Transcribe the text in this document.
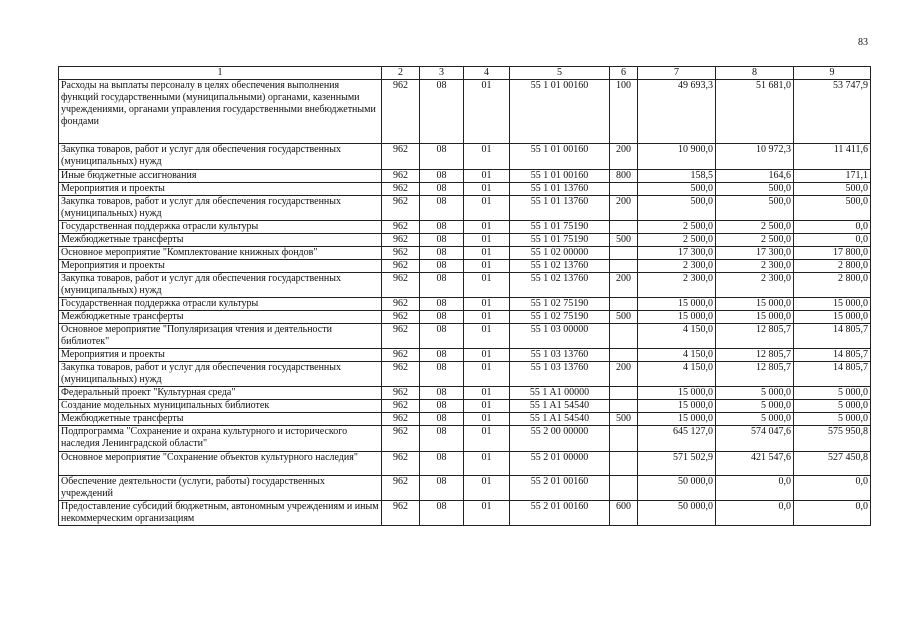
83
1	2	3	4	5	6	7	8	9
Расходы на выплаты персоналу в целях обеспечения выполнения функций государственными (муниципальными) органами, казенными учреждениями, органами управления государственными внебюджетными фондами	962	08	01	55 1 01 00160	100	49 693,3	51 681,0	53 747,9
Закупка товаров, работ и услуг для обеспечения государственных (муниципальных) нужд	962	08	01	55 1 01 00160	200	10 900,0	10 972,3	11 411,6
Иные бюджетные ассигнования	962	08	01	55 1 01 00160	800	158,5	164,6	171,1
Мероприятия и проекты	962	08	01	55 1 01 13760		500,0	500,0	500,0
Закупка товаров, работ и услуг для обеспечения государственных (муниципальных) нужд	962	08	01	55 1 01 13760	200	500,0	500,0	500,0
Государственная поддержка отрасли культуры	962	08	01	55 1 01 75190		2 500,0	2 500,0	0,0
Межбюджетные трансферты	962	08	01	55 1 01 75190	500	2 500,0	2 500,0	0,0
Основное мероприятие "Комплектование книжных фондов"	962	08	01	55 1 02 00000		17 300,0	17 300,0	17 800,0
Мероприятия и проекты	962	08	01	55 1 02 13760		2 300,0	2 300,0	2 800,0
Закупка товаров, работ и услуг для обеспечения государственных (муниципальных) нужд	962	08	01	55 1 02 13760	200	2 300,0	2 300,0	2 800,0
Государственная поддержка отрасли культуры	962	08	01	55 1 02 75190		15 000,0	15 000,0	15 000,0
Межбюджетные трансферты	962	08	01	55 1 02 75190	500	15 000,0	15 000,0	15 000,0
Основное мероприятие "Популяризация чтения и деятельности библиотек"	962	08	01	55 1 03 00000		4 150,0	12 805,7	14 805,7
Мероприятия и проекты	962	08	01	55 1 03 13760		4 150,0	12 805,7	14 805,7
Закупка товаров, работ и услуг для обеспечения государственных (муниципальных) нужд	962	08	01	55 1 03 13760	200	4 150,0	12 805,7	14 805,7
Федеральный проект "Культурная среда"	962	08	01	55 1 A1 00000		15 000,0	5 000,0	5 000,0
Создание модельных муниципальных библиотек	962	08	01	55 1 A1 54540		15 000,0	5 000,0	5 000,0
Межбюджетные трансферты	962	08	01	55 1 A1 54540	500	15 000,0	5 000,0	5 000,0
Подпрограмма "Сохранение и охрана культурного и исторического наследия Ленинградской области"	962	08	01	55 2 00 00000		645 127,0	574 047,6	575 950,8
Основное мероприятие "Сохранение объектов культурного наследия"	962	08	01	55 2 01 00000		571 502,9	421 547,6	527 450,8
Обеспечение деятельности (услуги, работы) государственных учреждений	962	08	01	55 2 01 00160		50 000,0	0,0	0,0
Предоставление субсидий бюджетным, автономным учреждениям и иным некоммерческим организациям	962	08	01	55 2 01 00160	600	50 000,0	0,0	0,0
